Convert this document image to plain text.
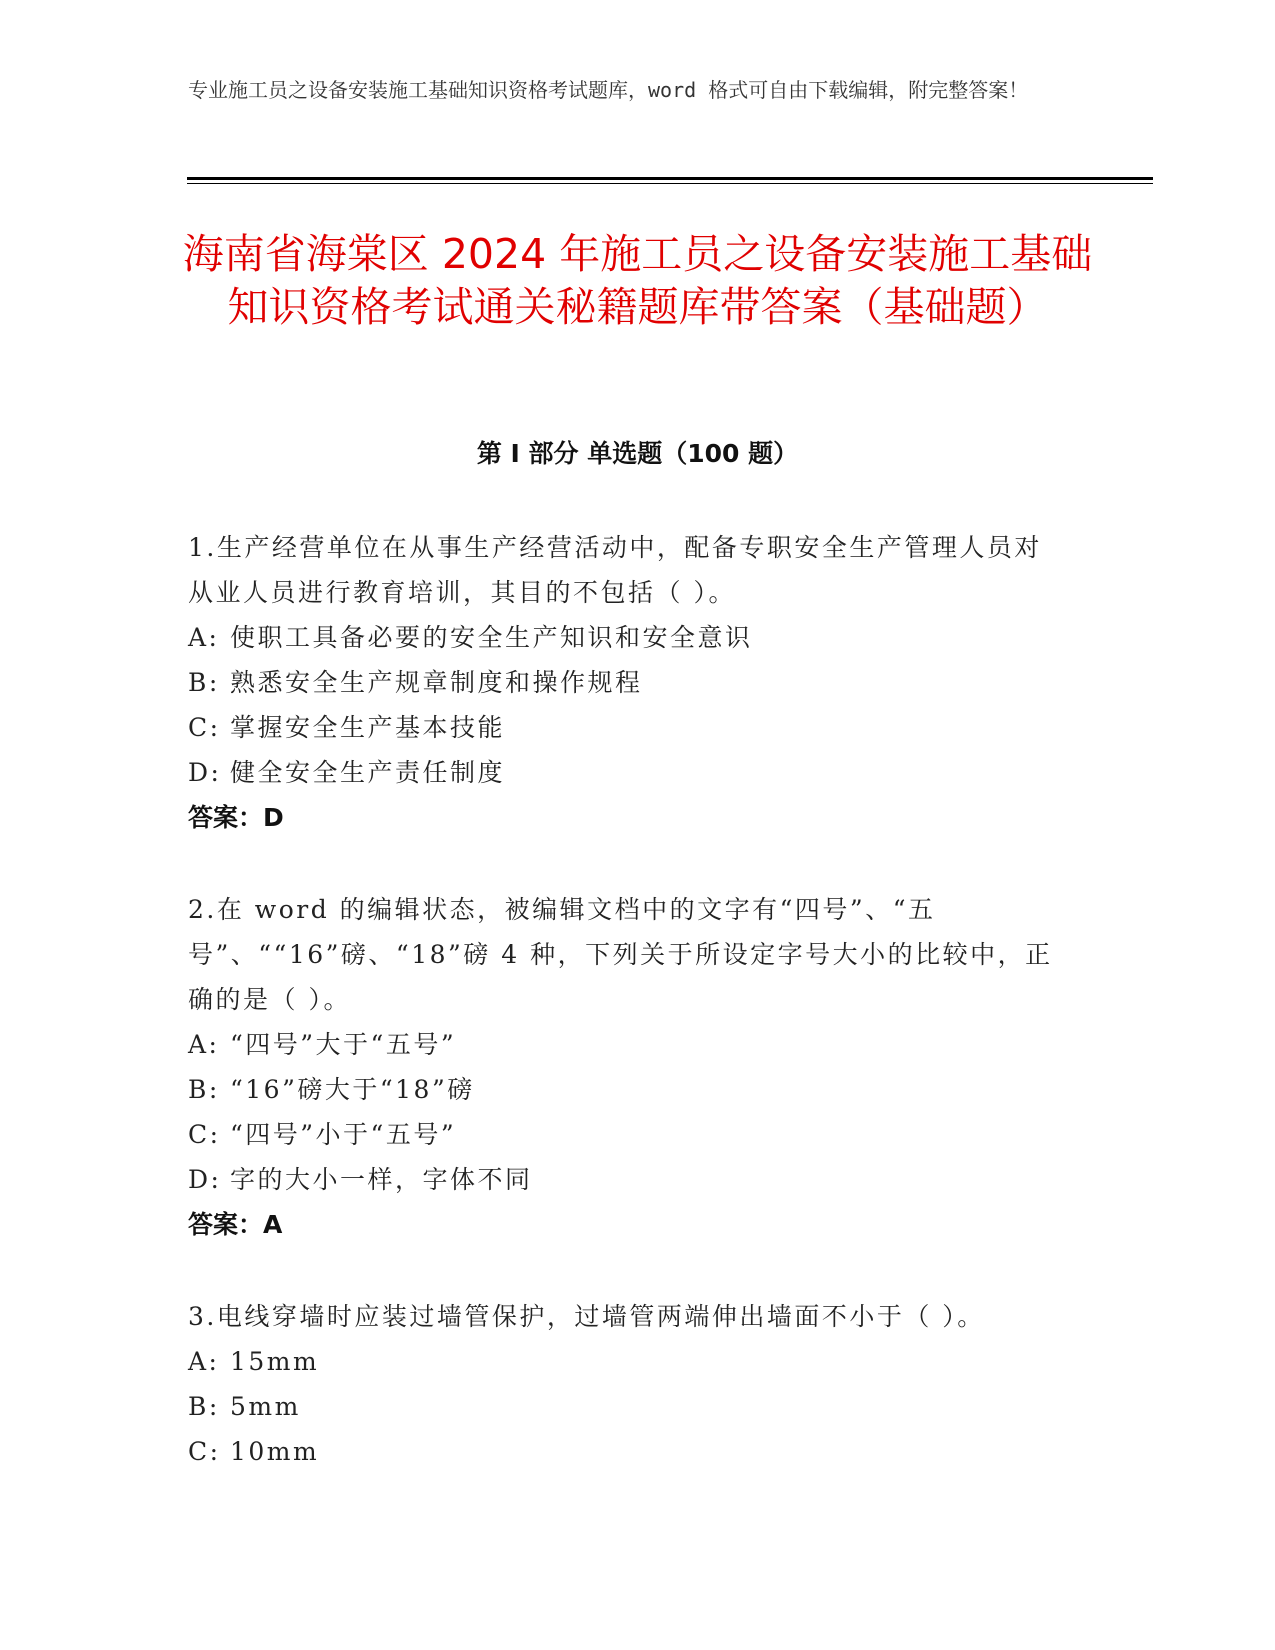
专业施工员之设备安装施工基础知识资格考试题库，word 格式可自由下载编辑，附完整答案！
海南省海棠区 2024 年施工员之设备安装施工基础知识资格考试通关秘籍题库带答案（基础题）
第 I 部分 单选题（100 题）
1.生产经营单位在从事生产经营活动中，配备专职安全生产管理人员对从业人员进行教育培训，其目的不包括（ ）。
A: 使职工具备必要的安全生产知识和安全意识
B: 熟悉安全生产规章制度和操作规程
C: 掌握安全生产基本技能
D: 健全安全生产责任制度
答案：D
2.在 word 的编辑状态，被编辑文档中的文字有“四号”、“五号”、““16”磅、“18”磅 4 种，下列关于所设定字号大小的比较中，正确的是（ ）。
A: “四号”大于“五号”
B: “16”磅大于“18”磅
C: “四号”小于“五号”
D: 字的大小一样，字体不同
答案：A
3.电线穿墙时应装过墙管保护，过墙管两端伸出墙面不小于（ ）。
A: 15mm
B: 5mm
C: 10mm
